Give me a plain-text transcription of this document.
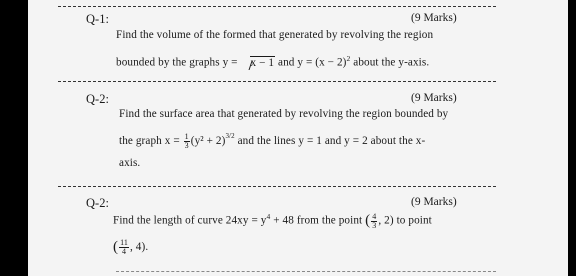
Q-1:	(9 Marks)
Find the volume of the formed that generated by revolving the region
bounded by the graphs y = x − 1 and $y = (x - 2)^2$ about the y-axis.
Q-2:	(9 Marks)
Find the surface area that generated by revolving the region bounded by
the graph $x = \frac{1}{3} (y^2 + 2)^{3/2}$ and the lines y = 1 and y = 2 about the x-
axis.
Q-2:	(9 Marks)
Find the length of curve $24xy = y^4 + 48$ from the point ( $\frac{4}{3}$ , 2) to point
( $\frac{11}{4}$ , 4).
